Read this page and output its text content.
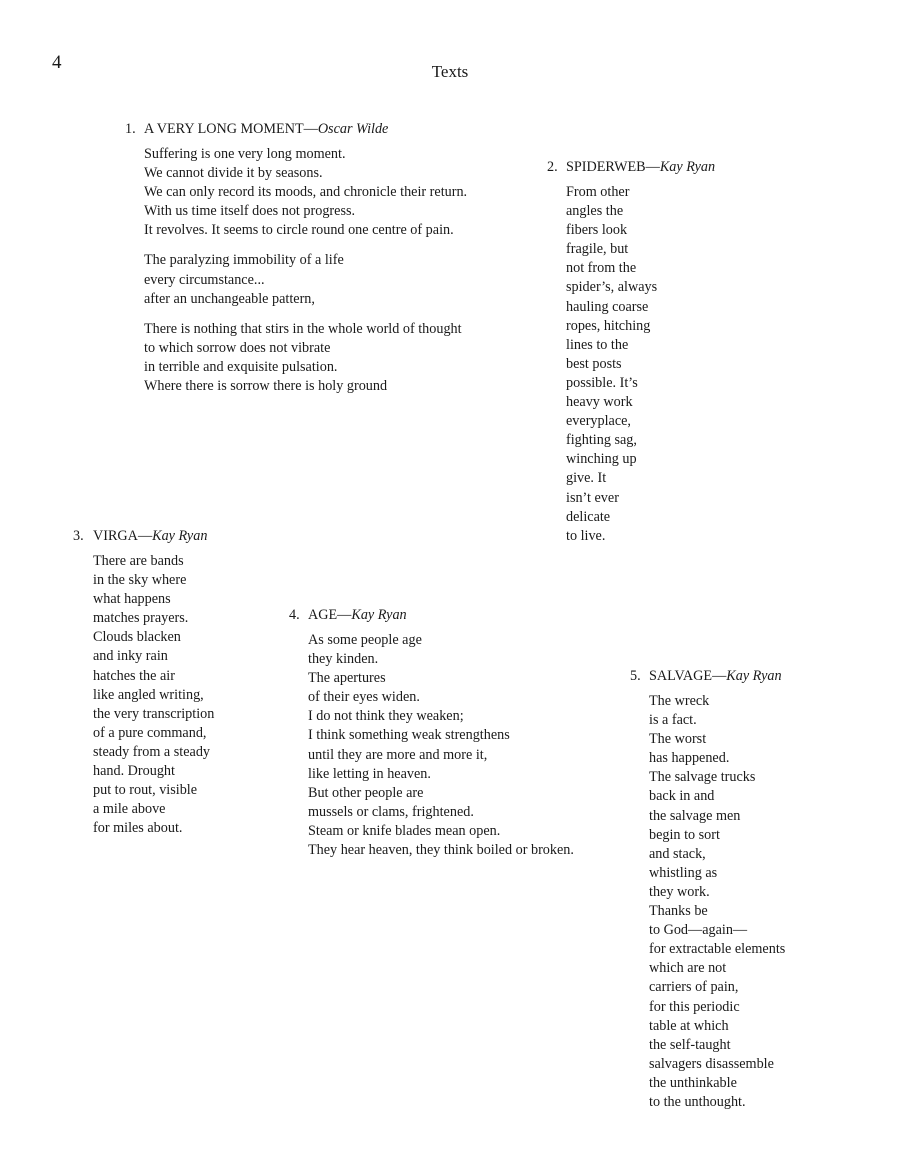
4	Texts
1. A VERY LONG MOMENT—Oscar Wilde
Suffering is one very long moment.
We cannot divide it by seasons.
We can only record its moods, and chronicle their return.
With us time itself does not progress.
It revolves. It seems to circle round one centre of pain.
The paralyzing immobility of a life
every circumstance...
after an unchangeable pattern,
There is nothing that stirs in the whole world of thought
to which sorrow does not vibrate
in terrible and exquisite pulsation.
Where there is sorrow there is holy ground
2. SPIDERWEB—Kay Ryan
From other
angles the
fibers look
fragile, but
not from the
spider’s, always
hauling coarse
ropes, hitching
lines to the
best posts
possible. It’s
heavy work
everyplace,
fighting sag,
winching up
give. It
isn’t ever
delicate
to live.
3. VIRGA—Kay Ryan
There are bands
in the sky where
what happens
matches prayers.
Clouds blacken
and inky rain
hatches the air
like angled writing,
the very transcription
of a pure command,
steady from a steady
hand. Drought
put to rout, visible
a mile above
for miles about.
4. AGE—Kay Ryan
As some people age
they kinden.
The apertures
of their eyes widen.
I do not think they weaken;
I think something weak strengthens
until they are more and more it,
like letting in heaven.
But other people are
mussels or clams, frightened.
Steam or knife blades mean open.
They hear heaven, they think boiled or broken.
5. SALVAGE—Kay Ryan
The wreck
is a fact.
The worst
has happened.
The salvage trucks
back in and
the salvage men
begin to sort
and stack,
whistling as
they work.
Thanks be
to God—again—
for extractable elements
which are not
carriers of pain,
for this periodic
table at which
the self-taught
salvagers disassemble
the unthinkable
to the unthought.
